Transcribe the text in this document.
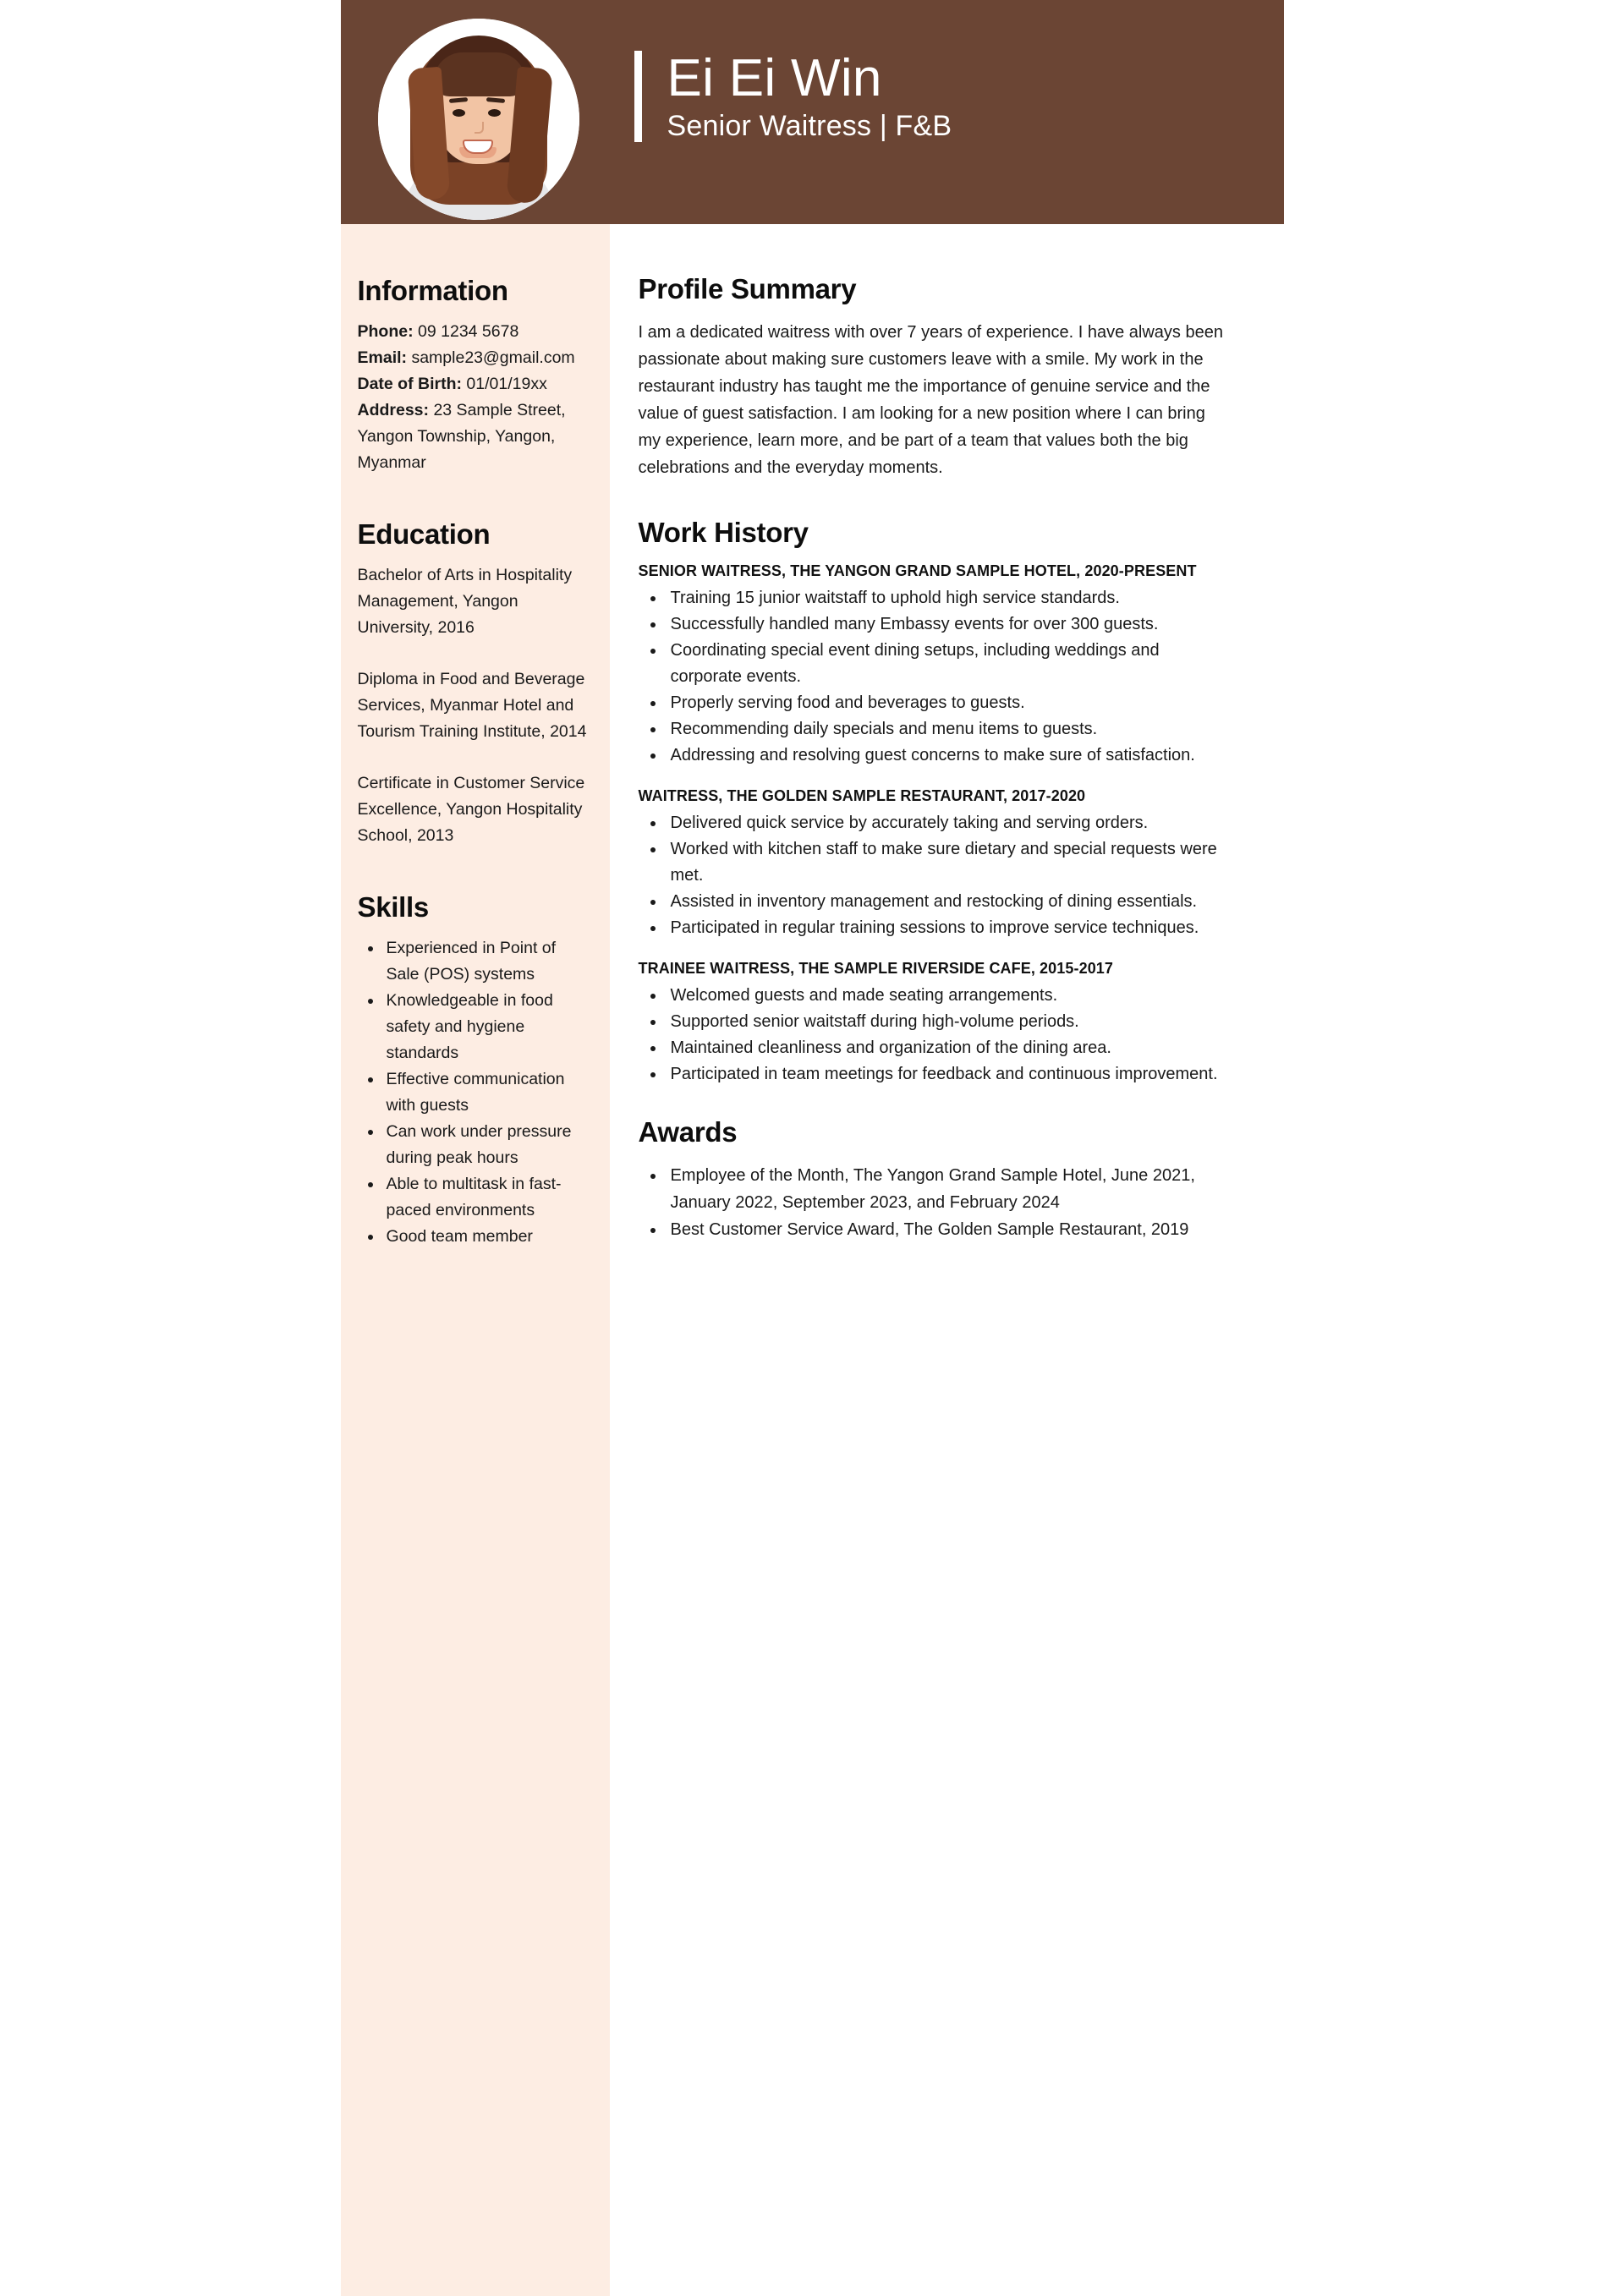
Ei Ei Win
Senior Waitress | F&B
Information

Phone: 09 1234 5678

Email: sample23@gmail.com

Date of Birth: 01/01/19xx

Address: 23 Sample Street, Yangon Township, Yangon, Myanmar

Education

Bachelor of Arts in Hospitality Management, Yangon University, 2016

Diploma in Food and Beverage Services, Myanmar Hotel and Tourism Training Institute, 2014

Certificate in Customer Service Excellence, Yangon Hospitality School, 2013

Skills
• Experienced in Point of Sale (POS) systems
• Knowledgeable in food safety and hygiene standards
• Effective communication with guests
• Can work under pressure during peak hours
• Able to multitask in fast-paced environments
• Good team member
Profile Summary

I am a dedicated waitress with over 7 years of experience. I have always been passionate about making sure customers leave with a smile. My work in the restaurant industry has taught me the importance of genuine service and the value of guest satisfaction. I am looking for a new position where I can bring my experience, learn more, and be part of a team that values both the big celebrations and the everyday moments.

Work History
SENIOR WAITRESS, THE YANGON GRAND SAMPLE HOTEL, 2020-PRESENT
• Training 15 junior waitstaff to uphold high service standards.
• Successfully handled many Embassy events for over 300 guests.
• Coordinating special event dining setups, including weddings and corporate events.
• Properly serving food and beverages to guests.
• Recommending daily specials and menu items to guests.
• Addressing and resolving guest concerns to make sure of satisfaction.
WAITRESS, THE GOLDEN SAMPLE RESTAURANT, 2017-2020
• Delivered quick service by accurately taking and serving orders.
• Worked with kitchen staff to make sure dietary and special requests were met.
• Assisted in inventory management and restocking of dining essentials.
• Participated in regular training sessions to improve service techniques.
TRAINEE WAITRESS, THE SAMPLE RIVERSIDE CAFE, 2015-2017
• Welcomed guests and made seating arrangements.
• Supported senior waitstaff during high-volume periods.
• Maintained cleanliness and organization of the dining area.
• Participated in team meetings for feedback and continuous improvement.
Awards
• Employee of the Month, The Yangon Grand Sample Hotel, June 2021, January 2022, September 2023, and February 2024
• Best Customer Service Award, The Golden Sample Restaurant, 2019
